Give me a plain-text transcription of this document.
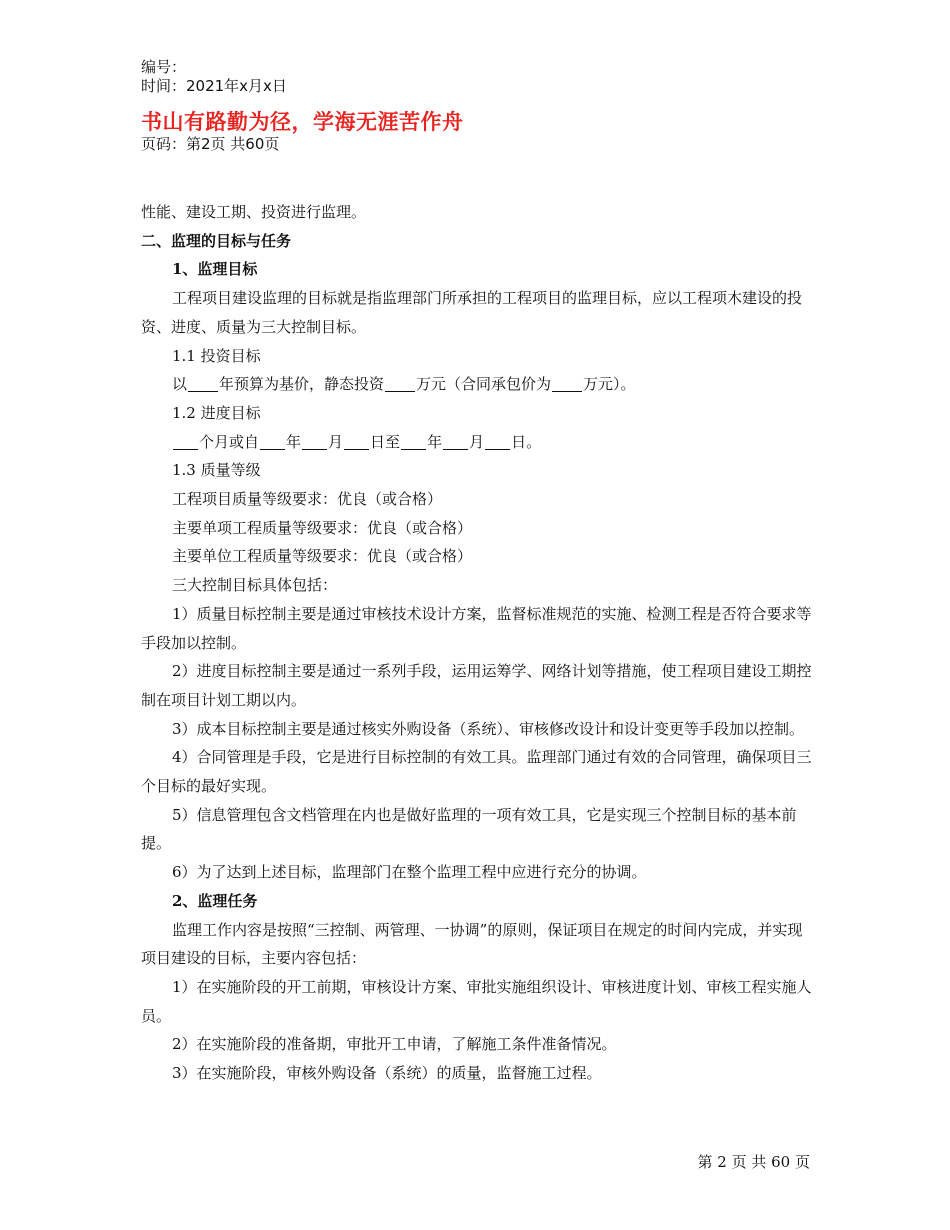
编号：
时间：2021年x月x日
书山有路勤为径，学海无涯苦作舟
页码：第2页 共60页

性能、建设工期、投资进行监理。

二、监理的目标与任务

1、监理目标

工程项目建设监理的目标就是指监理部门所承担的工程项目的监理目标，应以工程项木建设的投资、进度、质量为三大控制目标。

1.1 投资目标

以 年预算为基价，静态投资 万元（合同承包价为 万元）。

1.2 进度目标

个月或自 年 月 日至 年 月 日。

1.3 质量等级

工程项目质量等级要求：优良（或合格）

主要单项工程质量等级要求：优良（或合格）

主要单位工程质量等级要求：优良（或合格）

三大控制目标具体包括：

1）质量目标控制主要是通过审核技术设计方案，监督标准规范的实施、检测工程是否符合要求等手段加以控制。

2）进度目标控制主要是通过一系列手段，运用运筹学、网络计划等措施，使工程项目建设工期控制在项目计划工期以内。

3）成本目标控制主要是通过核实外购设备（系统）、审核修改设计和设计变更等手段加以控制。

4）合同管理是手段，它是进行目标控制的有效工具。监理部门通过有效的合同管理，确保项目三个目标的最好实现。

5）信息管理包含文档管理在内也是做好监理的一项有效工具，它是实现三个控制目标的基本前提。

6）为了达到上述目标，监理部门在整个监理工程中应进行充分的协调。

2、监理任务

监理工作内容是按照“三控制、两管理、一协调”的原则，保证项目在规定的时间内完成，并实现项目建设的目标，主要内容包括：

1）在实施阶段的开工前期，审核设计方案、审批实施组织设计、审核进度计划、审核工程实施人员。

2）在实施阶段的准备期，审批开工申请，了解施工条件准备情况。

3）在实施阶段，审核外购设备（系统）的质量，监督施工过程。

第 2 页 共 60 页
